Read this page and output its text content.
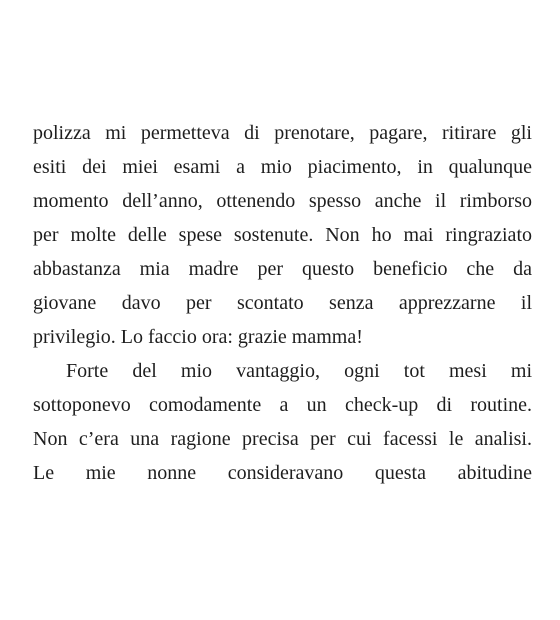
polizza mi permetteva di prenotare, pagare, ritirare gli
esiti dei miei esami a mio piacimento, in qualunque
momento dell’anno, ottenendo spesso anche il rimborso
per molte delle spese sostenute. Non ho mai ringraziato
abbastanza mia madre per questo beneficio che da
giovane davo per scontato senza apprezzarne il
privilegio. Lo faccio ora: grazie mamma!
Forte del mio vantaggio, ogni tot mesi mi
sottoponevo comodamente a un check-up di routine.
Non c’era una ragione precisa per cui facessi le analisi.
Le mie nonne consideravano questa abitudine
